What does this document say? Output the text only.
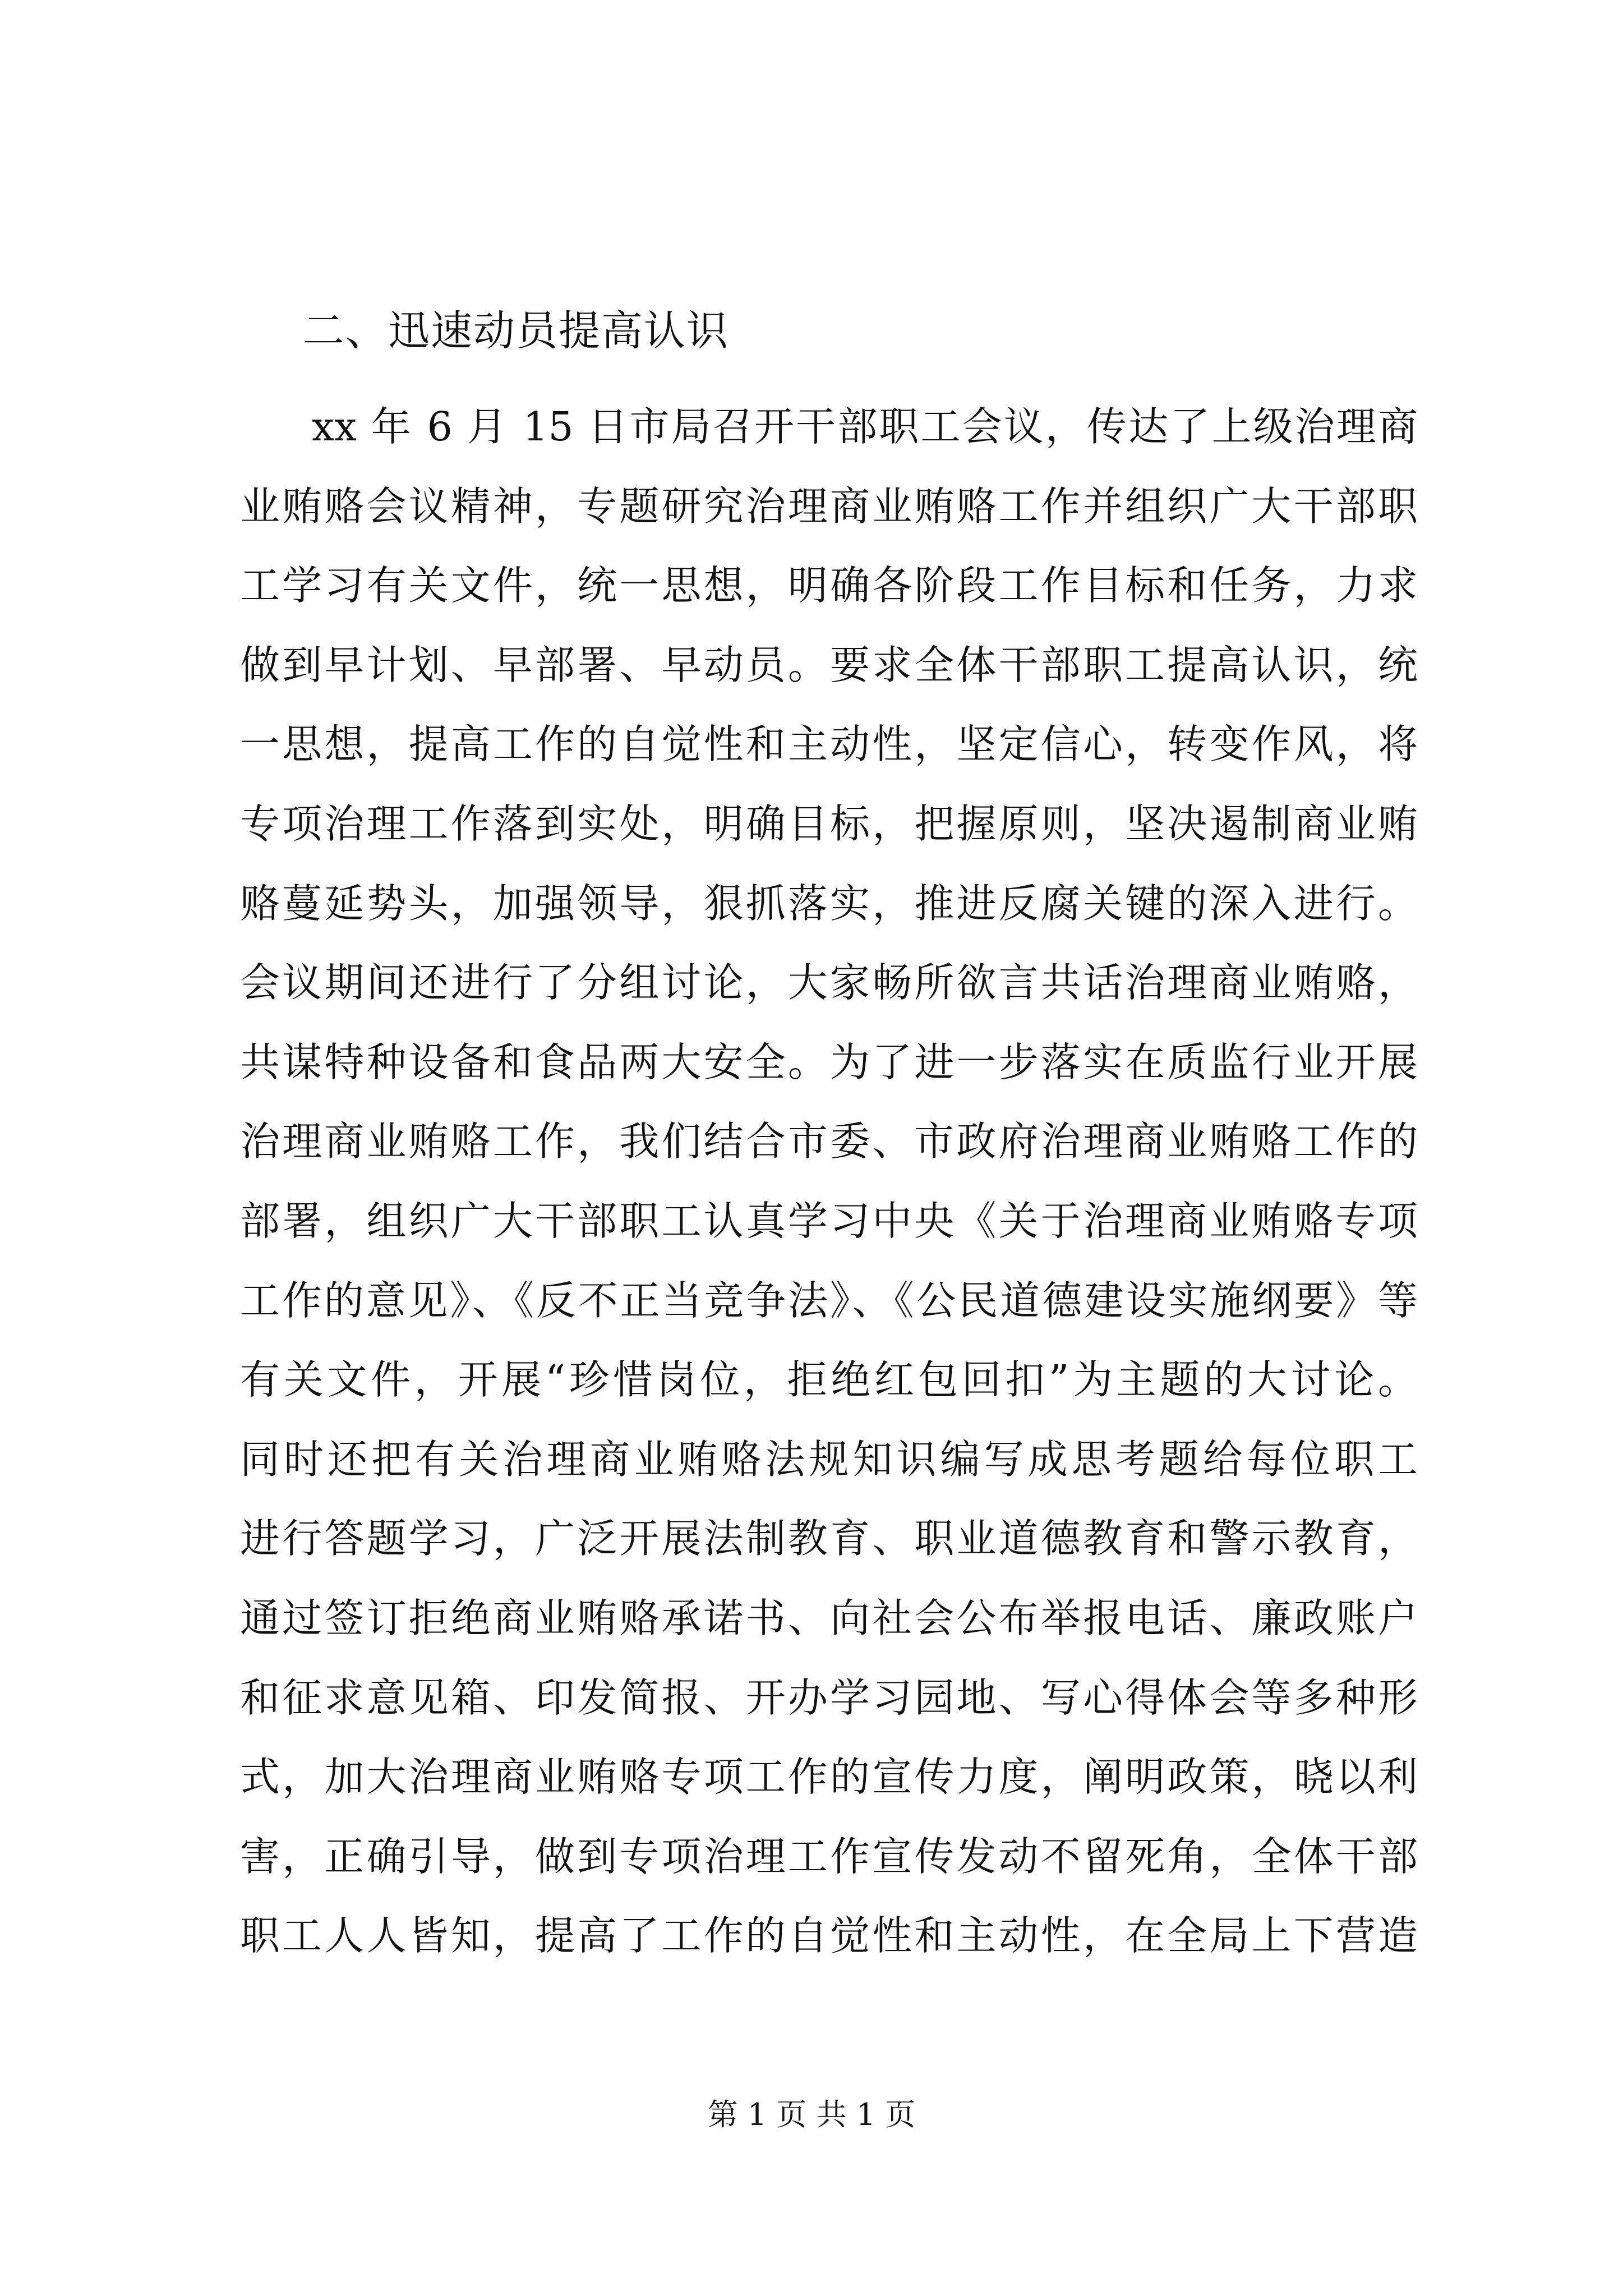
二、迅速动员提高认识
xx 年 6 月 15 日市局召开干部职工会议，传达了上级治理商
业贿赂会议精神，专题研究治理商业贿赂工作并组织广大干部职
工学习有关文件，统一思想，明确各阶段工作目标和任务，力求
做到早计划、早部署、早动员。要求全体干部职工提高认识，统
一思想，提高工作的自觉性和主动性，坚定信心，转变作风，将
专项治理工作落到实处，明确目标，把握原则，坚决遏制商业贿
赂蔓延势头，加强领导，狠抓落实，推进反腐关键的深入进行。
会议期间还进行了分组讨论，大家畅所欲言共话治理商业贿赂，
共谋特种设备和食品两大安全。为了进一步落实在质监行业开展
治理商业贿赂工作，我们结合市委、市政府治理商业贿赂工作的
部署，组织广大干部职工认真学习中央《关于治理商业贿赂专项
工作的意见》、《反不正当竞争法》、《公民道德建设实施纲要》等
有关文件，开展“珍惜岗位，拒绝红包回扣”为主题的大讨论。
同时还把有关治理商业贿赂法规知识编写成思考题给每位职工
进行答题学习，广泛开展法制教育、职业道德教育和警示教育，
通过签订拒绝商业贿赂承诺书、向社会公布举报电话、廉政账户
和征求意见箱、印发简报、开办学习园地、写心得体会等多种形
式，加大治理商业贿赂专项工作的宣传力度，阐明政策，晓以利
害，正确引导，做到专项治理工作宣传发动不留死角，全体干部
职工人人皆知，提高了工作的自觉性和主动性，在全局上下营造
第 1 页 共 1 页
